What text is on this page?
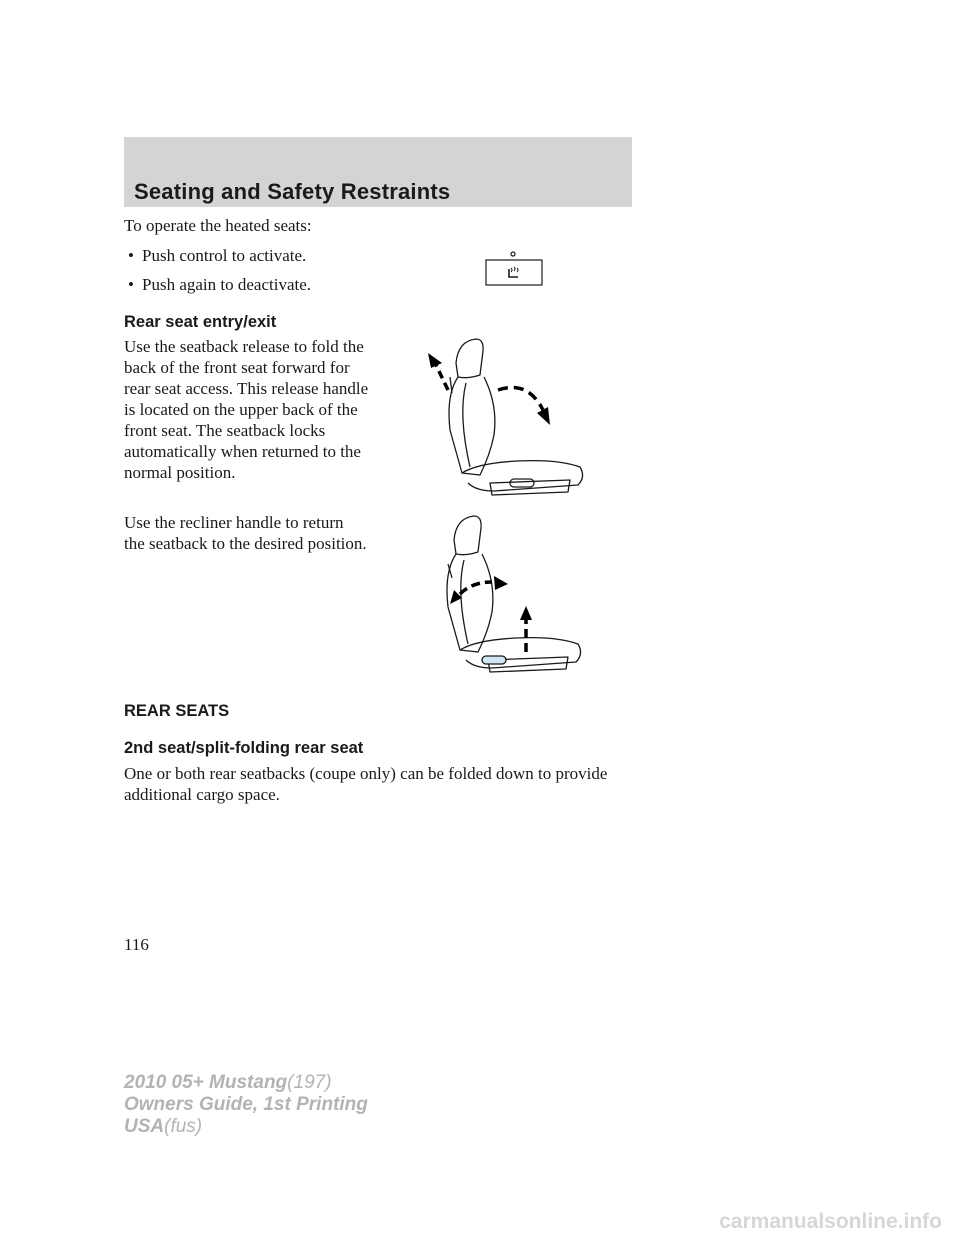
Seating and Safety Restraints

To operate the heated seats:

• Push control to activate.
• Push again to deactivate.
Rear seat entry/exit

Use the seatback release to fold the
back of the front seat forward for
rear seat access. This release handle
is located on the upper back of the
front seat. The seatback locks
automatically when returned to the
normal position.

Use the recliner handle to return
the seatback to the desired position.

REAR SEATS
2nd seat/split-folding rear seat

One or both rear seatbacks (coupe only) can be folded down to provide
additional cargo space.

116
2010 05+ Mustang(197)
Owners Guide, 1st Printing
USA(fus)
carmanualsonline.info
